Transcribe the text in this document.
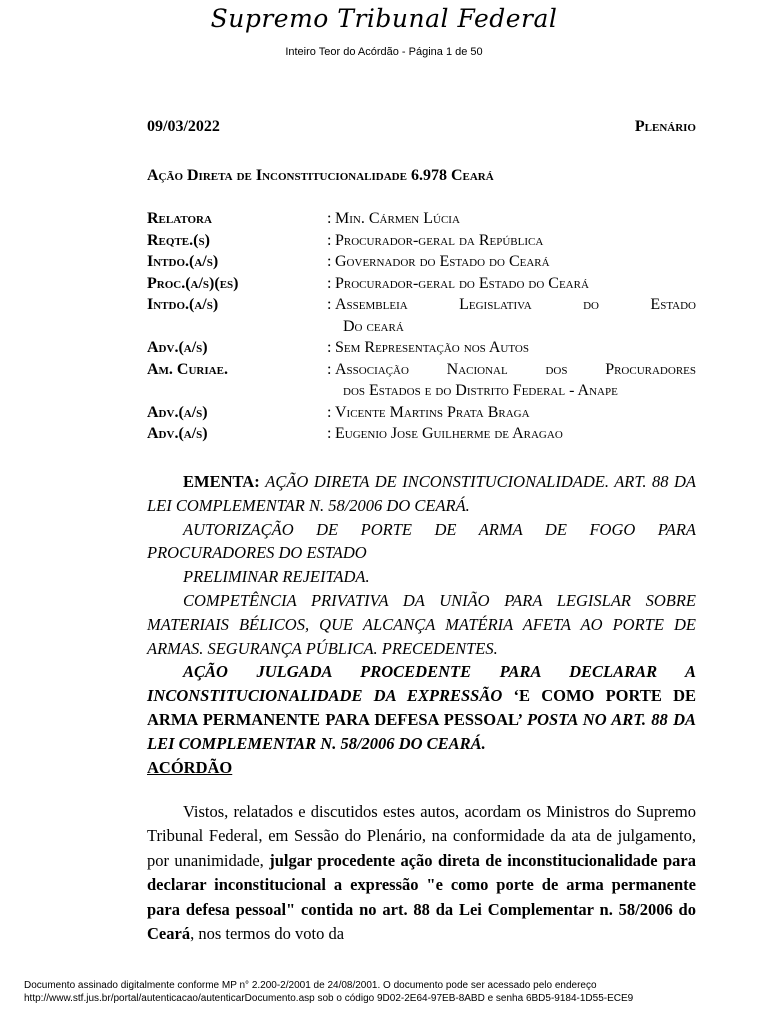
Supremo Tribunal Federal
Inteiro Teor do Acórdão - Página 1 de 50
09/03/2022	Plenário
Ação Direta de Inconstitucionalidade 6.978 Ceará
Relatora	: Min. Cármen Lúcia
Reqte.(s)	: Procurador-geral da República
Intdo.(a/s)	: Governador do Estado do Ceará
Proc.(a/s)(es)	: Procurador-geral do Estado do Ceará
Intdo.(a/s)	: Assembleia Legislativa do Estado
Do ceará
Adv.(a/s)	: Sem Representação nos Autos
Am. Curiae.	: Associação Nacional dos Procuradores
dos Estados e do Distrito Federal - Anape
Adv.(a/s)	: Vicente Martins Prata Braga
Adv.(a/s)	: Eugenio Jose Guilherme de Aragao

EMENTA: AÇÃO DIRETA DE INCONSTITUCIONALIDADE. ART. 88 DA LEI COMPLEMENTAR N. 58/2006 DO CEARÁ.

AUTORIZAÇÃO DE PORTE DE ARMA DE FOGO PARA PROCURADORES DO ESTADO

PRELIMINAR REJEITADA.

COMPETÊNCIA PRIVATIVA DA UNIÃO PARA LEGISLAR SOBRE MATERIAIS BÉLICOS, QUE ALCANÇA MATÉRIA AFETA AO PORTE DE ARMAS. SEGURANÇA PÚBLICA. PRECEDENTES.

AÇÃO JULGADA PROCEDENTE PARA DECLARAR A INCONSTITUCIONALIDADE DA EXPRESSÃO ‘E COMO PORTE DE ARMA PERMANENTE PARA DEFESA PESSOAL’ POSTA NO ART. 88 DA LEI COMPLEMENTAR N. 58/2006 DO CEARÁ.

ACÓRDÃO

Vistos, relatados e discutidos estes autos, acordam os Ministros do Supremo Tribunal Federal, em Sessão do Plenário, na conformidade da ata de julgamento, por unanimidade, julgar procedente ação direta de inconstitucionalidade para declarar inconstitucional a expressão "e como porte de arma permanente para defesa pessoal" contida no art. 88 da Lei Complementar n. 58/2006 do Ceará, nos termos do voto da

Documento assinado digitalmente conforme MP n° 2.200-2/2001 de 24/08/2001. O documento pode ser acessado pelo endereço
http://www.stf.jus.br/portal/autenticacao/autenticarDocumento.asp sob o código 9D02-2E64-97EB-8ABD e senha 6BD5-9184-1D55-ECE9
